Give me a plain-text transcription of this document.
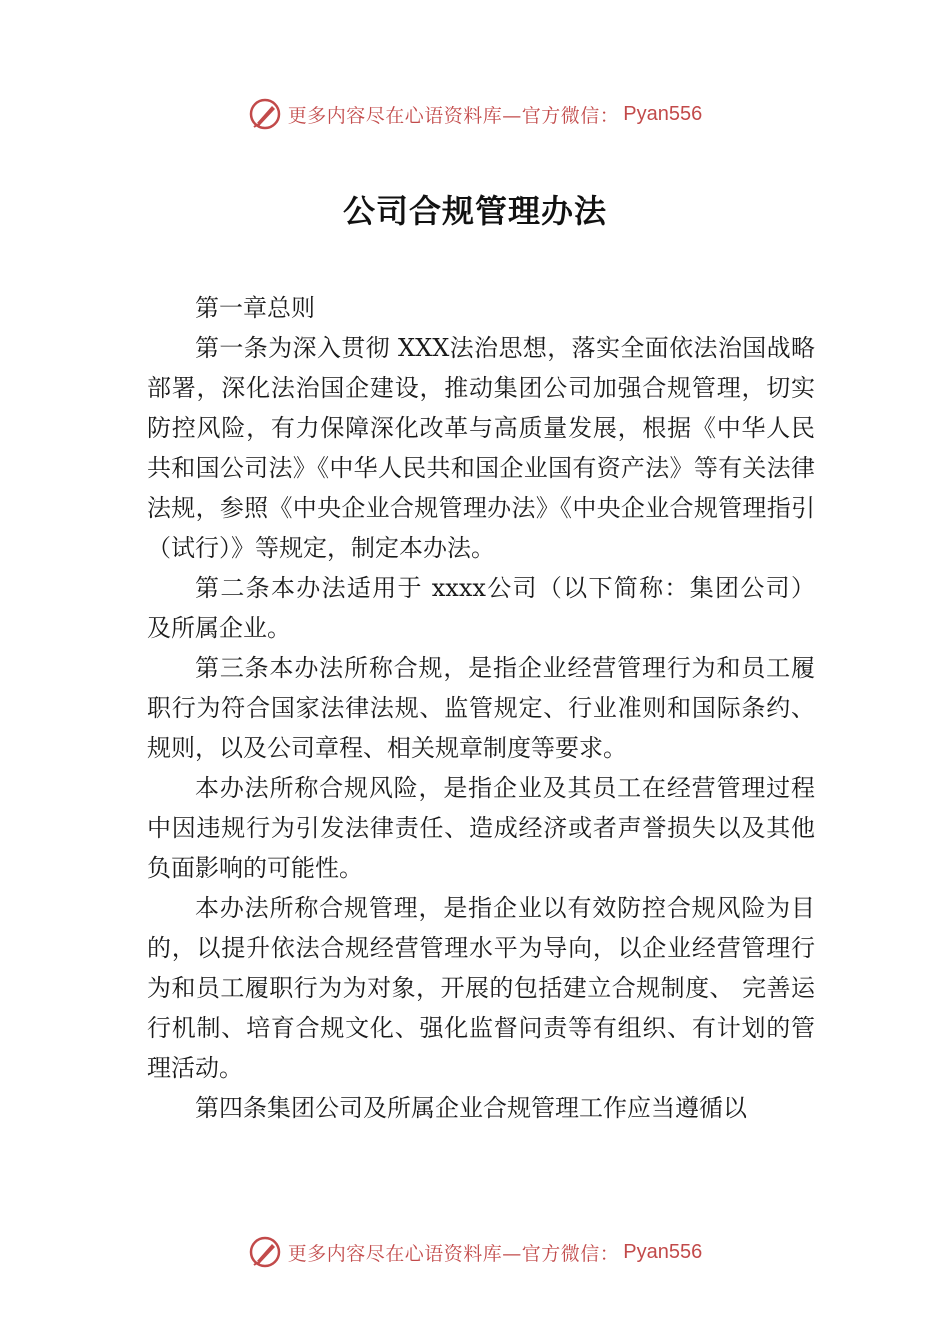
更多内容尽在心语资料库—官方微信： Pyan556
公司合规管理办法

第一章总则

第一条为深入贯彻 XXX法治思想，落实全面依法治国战略部署，深化法治国企建设，推动集团公司加强合规管理，切实防控风险，有力保障深化改革与高质量发展，根据《中华人民共和国公司法》《中华人民共和国企业国有资产法》等有关法律法规，参照《中央企业合规管理办法》《中央企业合规管理指引（试行）》等规定，制定本办法。

第二条本办法适用于 xxxx公司（以下简称：集团公司） 及所属企业。

第三条本办法所称合规，是指企业经营管理行为和员工履职行为符合国家法律法规、监管规定、行业准则和国际条约、规则，以及公司章程、相关规章制度等要求。

本办法所称合规风险，是指企业及其员工在经营管理过程中因违规行为引发法律责任、造成经济或者声誉损失以及其他负面影响的可能性。

本办法所称合规管理，是指企业以有效防控合规风险为目的，以提升依法合规经营管理水平为导向，以企业经营管理行为和员工履职行为为对象，开展的包括建立合规制度、 完善运行机制、培育合规文化、强化监督问责等有组织、有计划的管理活动。

第四条集团公司及所属企业合规管理工作应当遵循以

更多内容尽在心语资料库—官方微信： Pyan556
